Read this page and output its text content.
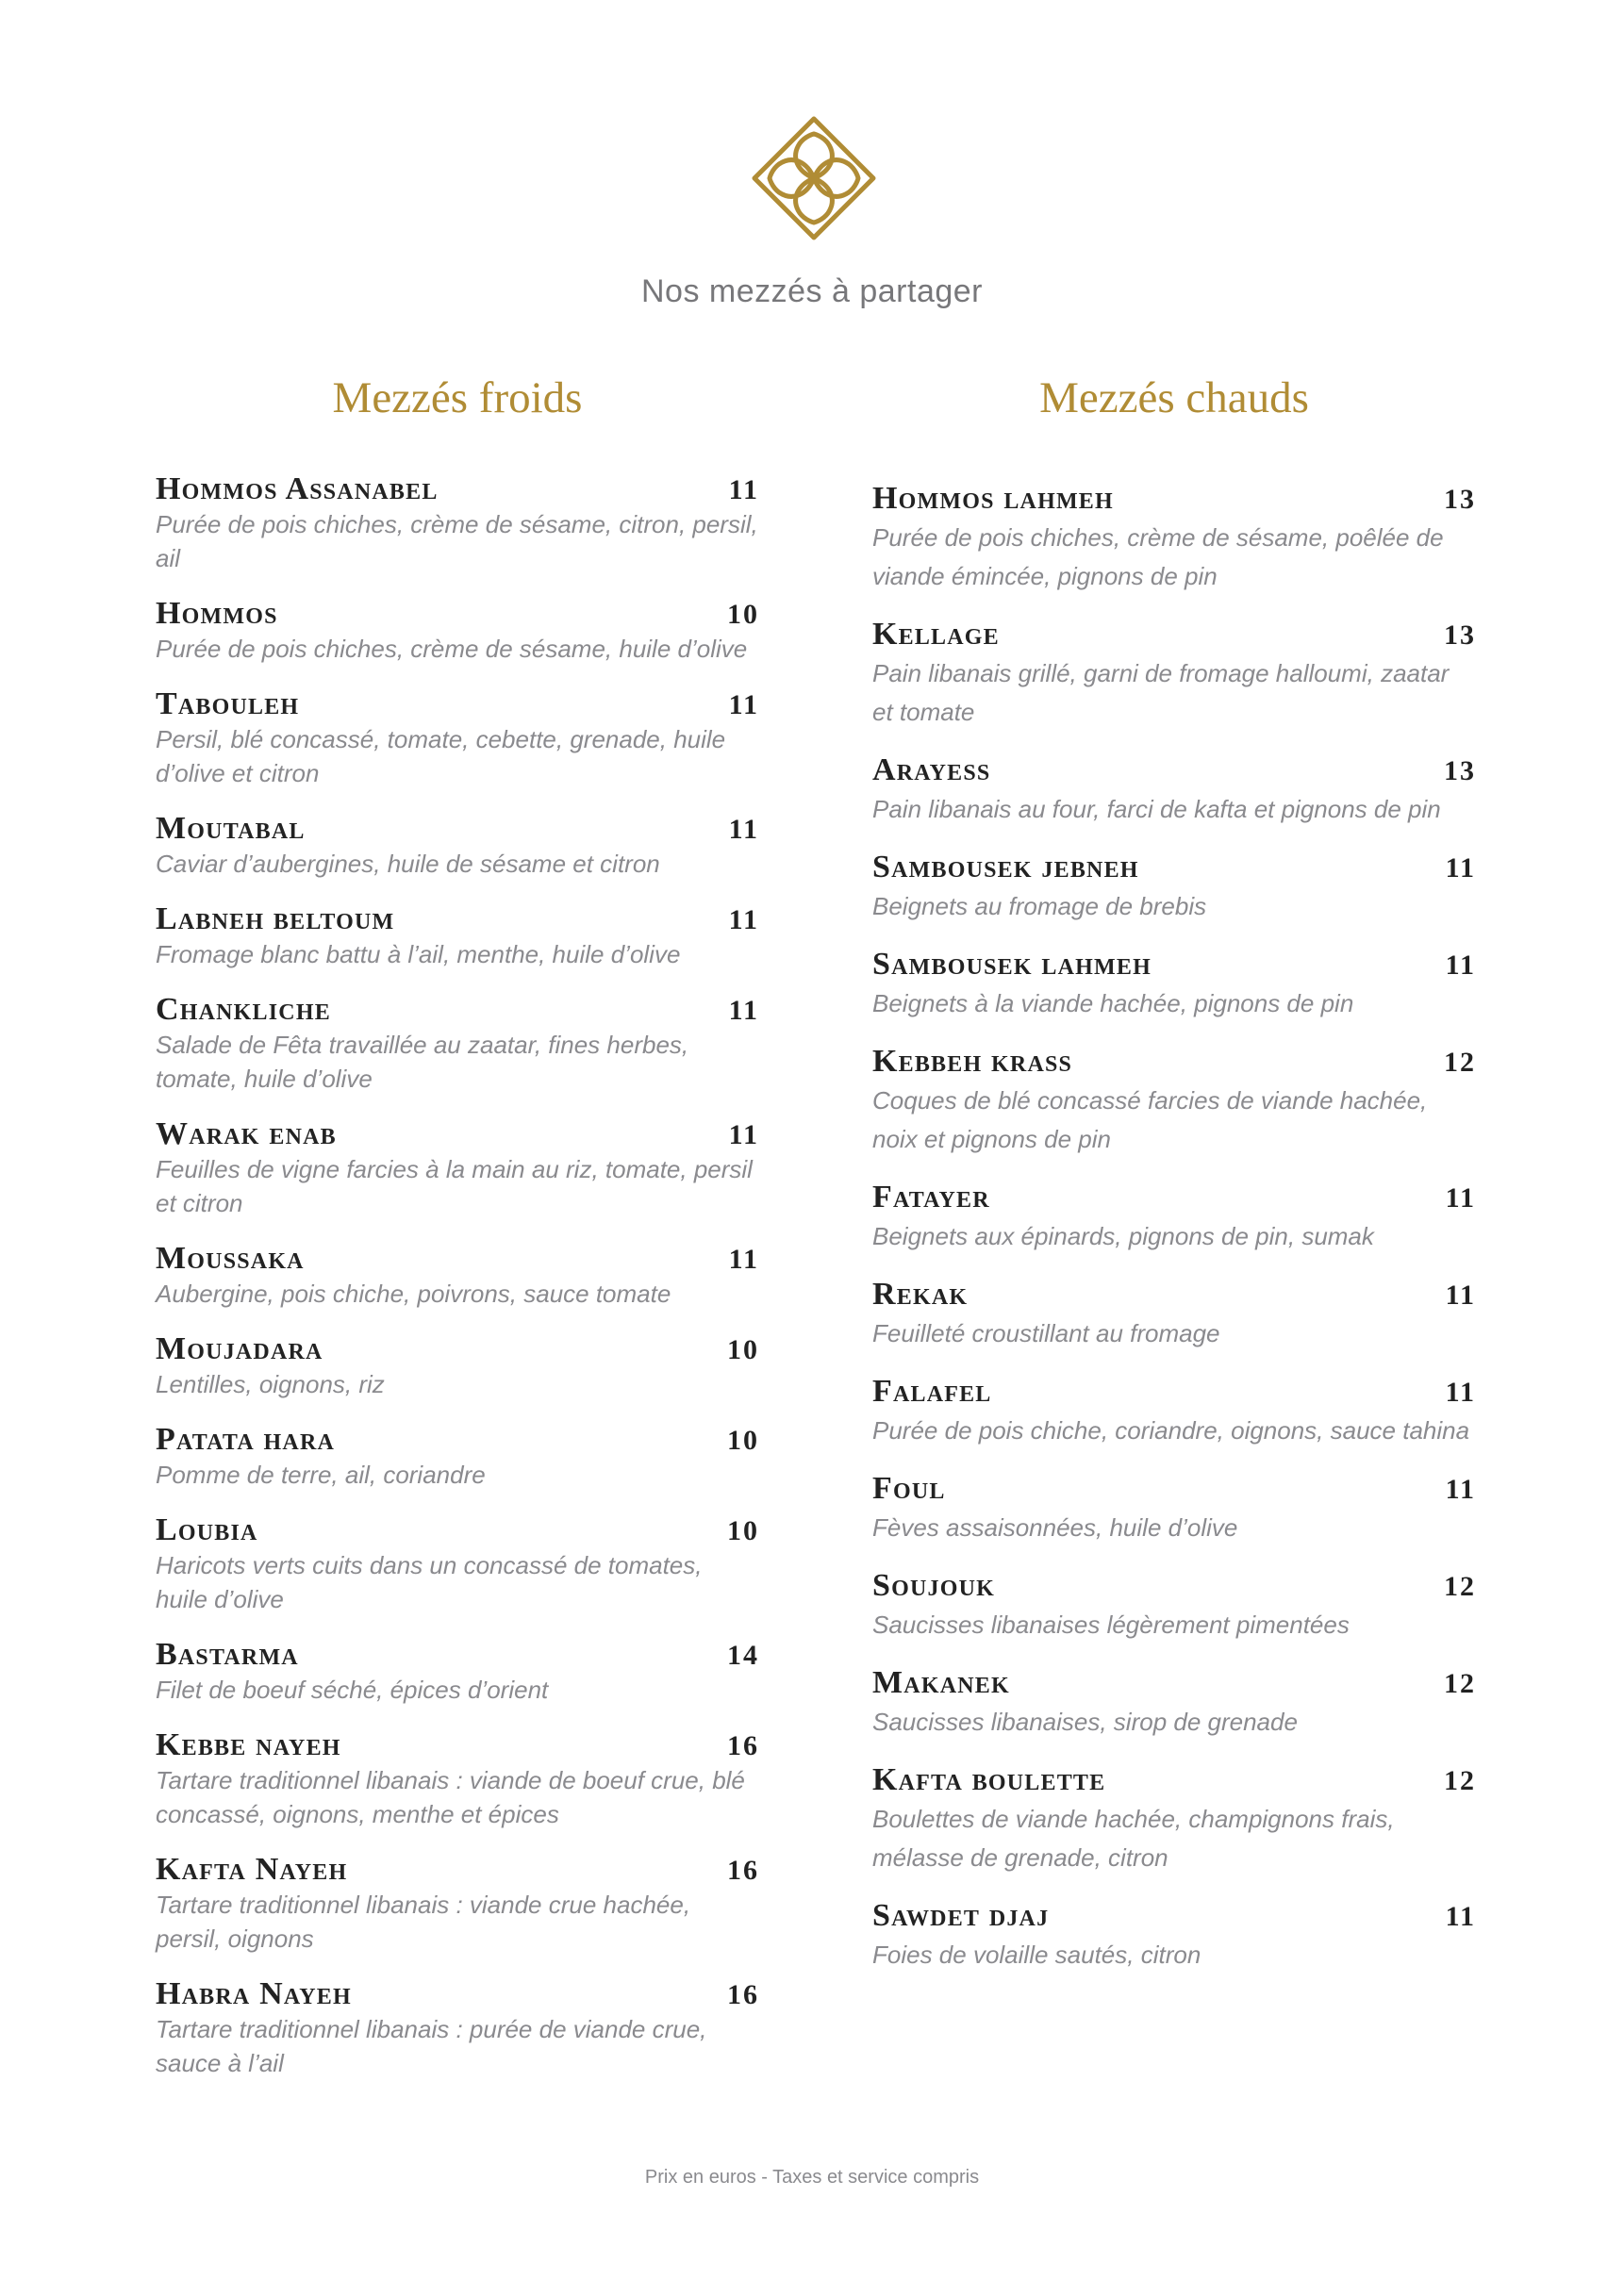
Nos mezzés à partager
Mezzés froids	Mezzés chauds
Hommos Assanabel	11
Purée de pois chiches, crème de sésame, citron, persil, ail
Hommos	10
Purée de pois chiches, crème de sésame, huile d’olive
Tabouleh	11
Persil, blé concassé, tomate, cebette, grenade, huile d’olive et citron
Moutabal	11
Caviar d’aubergines, huile de sésame et citron
Labneh beltoum	11
Fromage blanc battu à l’ail, menthe, huile d’olive
Chankliche	11
Salade de Fêta travaillée au zaatar, fines herbes, tomate, huile d’olive
Warak enab	11
Feuilles de vigne farcies à la main au riz, tomate, persil et citron
Moussaka	11
Aubergine, pois chiche, poivrons, sauce tomate
Moujadara	10
Lentilles, oignons, riz
Patata hara	10
Pomme de terre, ail, coriandre
Loubia	10
Haricots verts cuits dans un concassé de tomates, huile d’olive
Bastarma	14
Filet de boeuf séché, épices d’orient
Kebbe nayeh	16
Tartare traditionnel libanais : viande de boeuf crue, blé concassé, oignons, menthe et épices
Kafta Nayeh	16
Tartare traditionnel libanais : viande crue hachée, persil, oignons
Habra Nayeh	16
Tartare traditionnel libanais : purée de viande crue, sauce à l’ail
Hommos lahmeh	13
Purée de pois chiches, crème de sésame, poêlée de viande émincée, pignons de pin
Kellage	13
Pain libanais grillé, garni de fromage halloumi, zaatar et tomate
Arayess	13
Pain libanais au four, farci de kafta et pignons de pin
Sambousek jebneh	11
Beignets au fromage de brebis
Sambousek lahmeh	11
Beignets à la viande hachée, pignons de pin
Kebbeh krass	12
Coques de blé concassé farcies de viande hachée, noix et pignons de pin
Fatayer	11
Beignets aux épinards, pignons de pin, sumak
Rekak	11
Feuilleté croustillant au fromage
Falafel	11
Purée de pois chiche, coriandre, oignons, sauce tahina
Foul	11
Fèves assaisonnées, huile d’olive
Soujouk	12
Saucisses libanaises légèrement pimentées
Makanek	12
Saucisses libanaises, sirop de grenade
Kafta boulette	12
Boulettes de viande hachée, champignons frais, mélasse de grenade, citron
Sawdet djaj	11
Foies de volaille sautés, citron
Prix en euros - Taxes et service compris
